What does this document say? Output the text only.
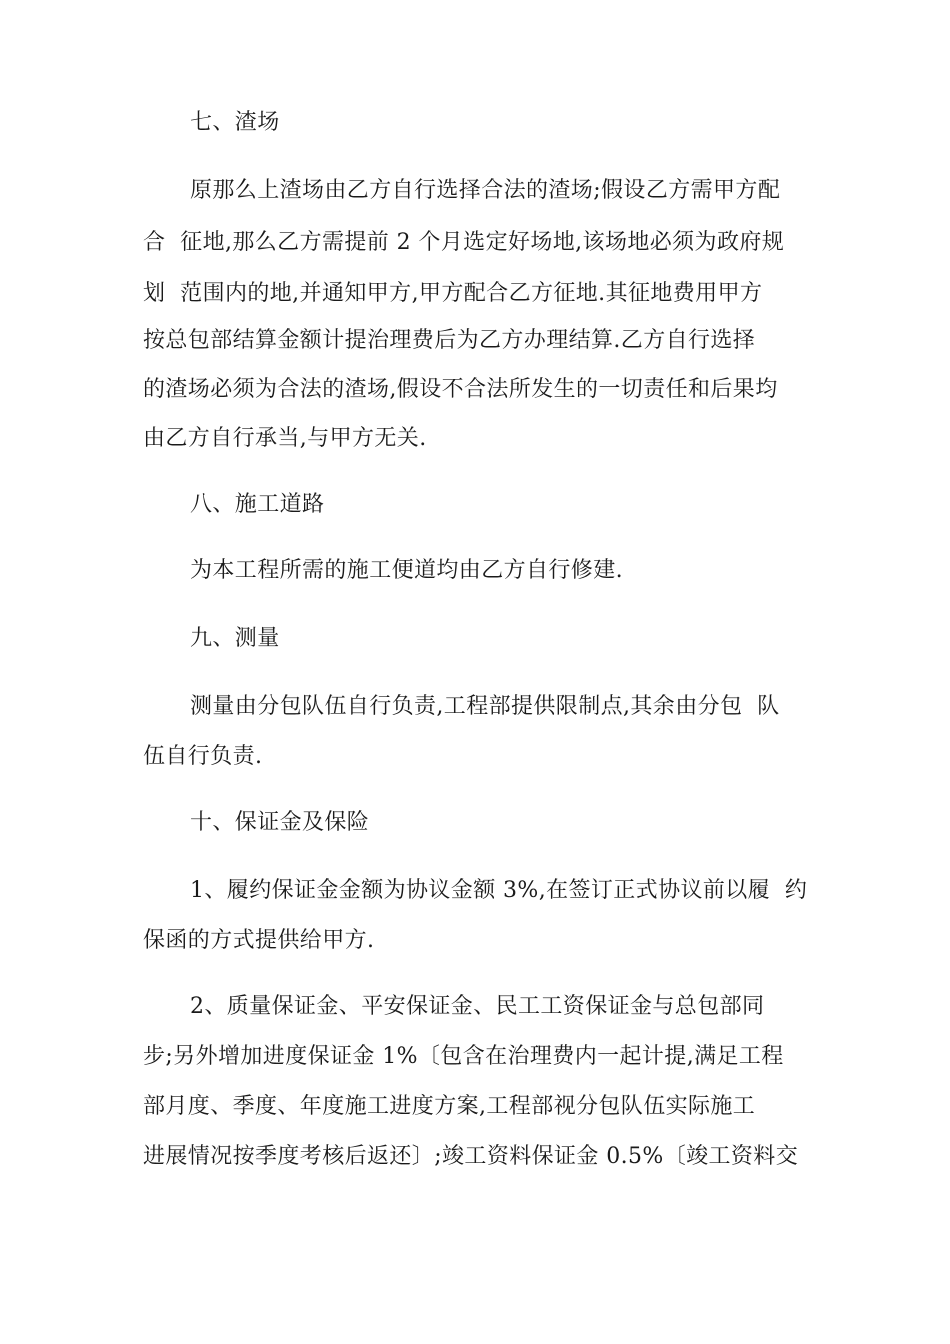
七、渣场
原那么上渣场由乙方自行选择合法的渣场;假设乙方需甲方配
合  征地,那么乙方需提前 2 个月选定好场地,该场地必须为政府规
划  范围内的地,并通知甲方,甲方配合乙方征地.其征地费用甲方
按总包部结算金额计提治理费后为乙方办理结算.乙方自行选择
的渣场必须为合法的渣场,假设不合法所发生的一切责任和后果均
由乙方自行承当,与甲方无关.
八、施工道路
为本工程所需的施工便道均由乙方自行修建.
九、测量
测量由分包队伍自行负责,工程部提供限制点,其余由分包  队
伍自行负责.
十、保证金及保险
1、履约保证金金额为协议金额 3%,在签订正式协议前以履  约
保函的方式提供给甲方.
2、质量保证金、平安保证金、民工工资保证金与总包部同
步;另外增加进度保证金 1%〔包含在治理费内一起计提,满足工程
部月度、季度、年度施工进度方案,工程部视分包队伍实际施工
进展情况按季度考核后返还〕;竣工资料保证金 0.5%〔竣工资料交
